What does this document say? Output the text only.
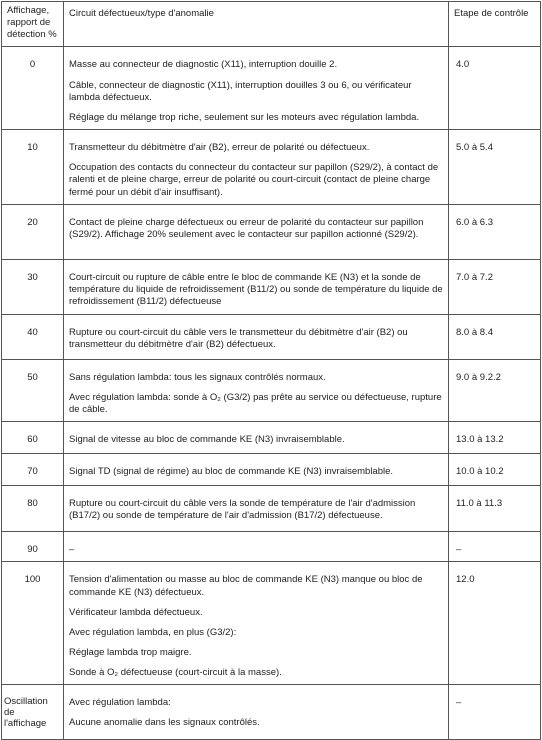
Affichage, rapport de détection %	Circuit défectueux/type d'anomalie	Etape de contrôle
0	Masse au connecteur de diagnostic (X11), interruption douille 2.

Câble, connecteur de diagnostic (X11), interruption douilles 3 ou 6, ou vérificateur lambda défectueux.

Réglage du mélange trop riche, seulement sur les moteurs avec régulation lambda.	4.0
10	Transmetteur du débitmètre d'air (B2), erreur de polarité ou défectueux.

Occupation des contacts du connecteur du contacteur sur papillon (S29/2), à contact de ralenti et de pleine charge, erreur de polarité ou court-circuit (contact de pleine charge fermé pour un débit d'air insuffisant).	5.0 à 5.4
20	Contact de pleine charge défectueux ou erreur de polarité du contacteur sur papillon (S29/2). Affichage 20% seulement avec le contacteur sur papillon actionné (S29/2).	6.0 à 6.3
30	Court-circuit ou rupture de câble entre le bloc de commande KE (N3) et la sonde de température du liquide de refroidissement (B11/2) ou sonde de température du liquide de refroidissement (B11/2) défectueuse	7.0 à 7.2
40	Rupture ou court-circuit du câble vers le transmetteur du débitmètre d'air (B2) ou transmetteur du débitmètre d'air (B2) défectueux.	8.0 à 8.4
50	Sans régulation lambda: tous les signaux contrôlés normaux.

Avec régulation lambda: sonde à O₂ (G3/2) pas prête au service ou défectueuse, rupture de câble.	9.0 à 9.2.2
60	Signal de vitesse au bloc de commande KE (N3) invraisemblable.	13.0 à 13.2
70	Signal TD (signal de régime) au bloc de commande KE (N3) invraisemblable.	10.0 à 10.2
80	Rupture ou court-circuit du câble vers la sonde de température de l'air d'admission (B17/2) ou sonde de température de l'air d'admission (B17/2) défectueuse.	11.0 à 11.3
90	–	–
100	Tension d'alimentation ou masse au bloc de commande KE (N3) manque ou bloc de commande KE (N3) défectueux.

Vérificateur lambda défectueux.

Avec régulation lambda, en plus (G3/2):

Réglage lambda trop maigre.

Sonde à O₂ défectueuse (court-circuit à la masse).	12.0
Oscillation de l'affichage	Avec régulation lambda:

Aucune anomalie dans les signaux contrôlés.	–
